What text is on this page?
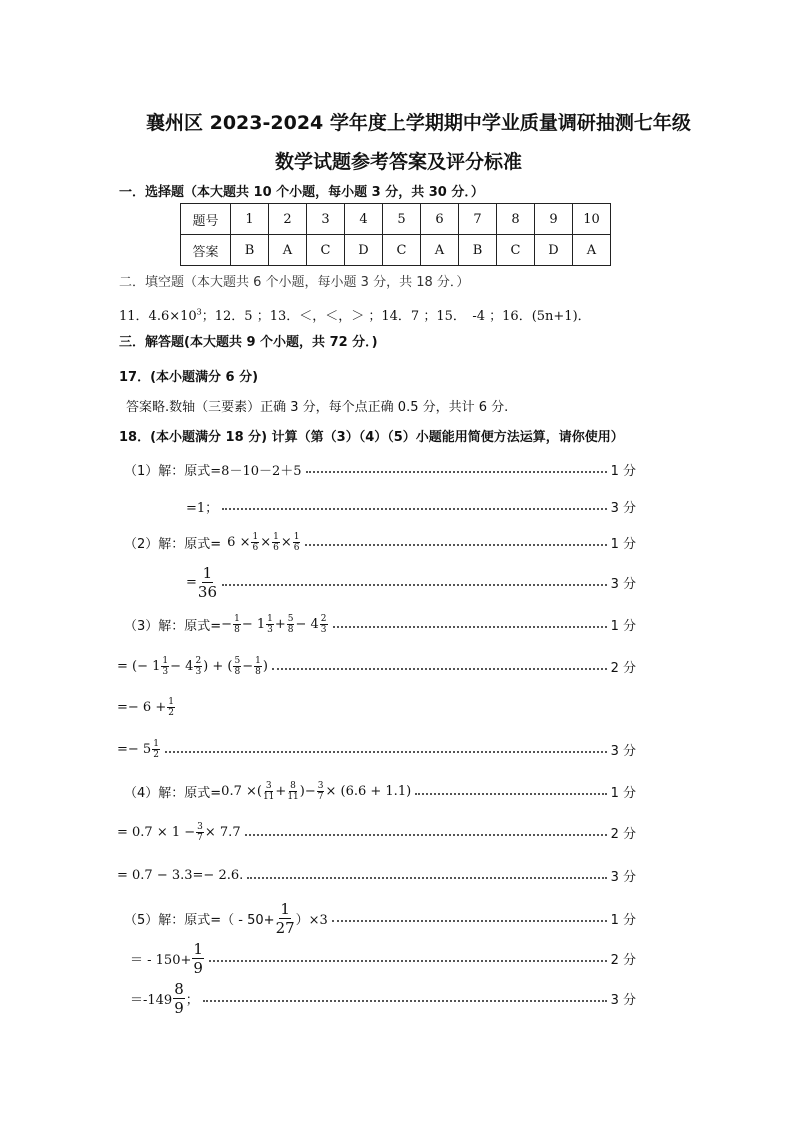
襄州区 2023-2024 学年度上学期期中学业质量调研抽测七年级
数学试题参考答案及评分标准
一．选择题（本大题共 10 个小题，每小题 3 分，共 30 分．）
题号	1	2	3	4	5	6	7	8	9	10
答案	B	A	C	D	C	A	B	C	D	A
二．填空题（本大题共 6 个小题，每小题 3 分，共 18 分．）
11．$4.6\times 10^3$；12．5 ；13．＜，＜，＞ ；14．7 ；15．　-4 ；16．(5n+1)．
三．解答题(本大题共 9 个小题，共 72 分．)
17．(本小题满分 6 分)
答案略.数轴（三要素）正确 3 分，每个点正确 0.5 分，共计 6 分.
18．(本小题满分 18 分) 计算（第（3）（4）（5）小题能用简便方法运算，请你使用）
（1）解：原式 =8－10－2＋5	1 分
=1；	3 分
（2）解：原式= $6 \times \frac{1}{6} \times \frac{1}{6} \times \frac{1}{6}$	1 分
= $\frac{1}{36}$	3 分
（3）解：原式= − $\frac{1}{8} - 1 \frac{1}{3} + \frac{5}{8} - 4 \frac{2}{3}$	1 分
= (− $1 \frac{1}{3} - 4 \frac{2}{3}$ ) + ( $\frac{5}{8} - \frac{1}{8}$ )	2 分
=− $6 + \frac{1}{2}$
=− $5 \frac{1}{2}$	3 分
（4）解：原式= 0.7 × ( $\frac{3}{11} + \frac{8}{11}$ ) − $\frac{3}{7} \times (6.6 + 1.1)$	1 分
= $0.7 \times 1 - \frac{3}{7} \times 7.7$	2 分
= 0.7 − 3.3=− 2.6.	3 分
（5）解：原式=（ - $50+ \frac{1}{27} )\times 3$	1 分
＝ - $150+ \frac{1}{9}$	2 分
$=-149 \frac{8}{9}$ ；	3 分
